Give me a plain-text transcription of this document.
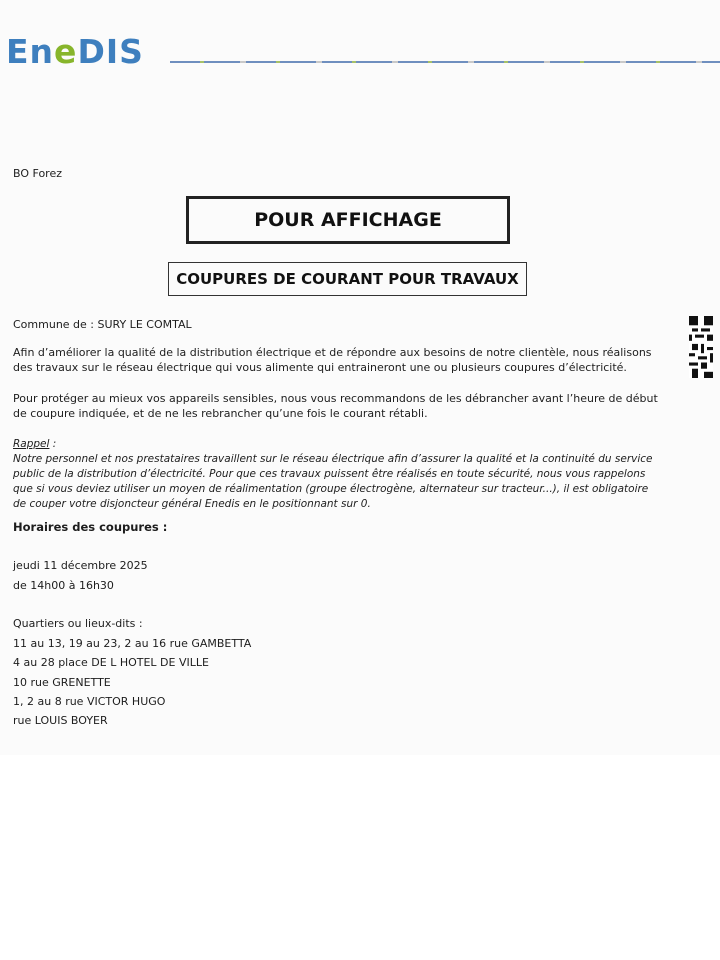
EneDIS
BO Forez
POUR AFFICHAGE
COUPURES DE COURANT POUR TRAVAUX
Commune de : SURY LE COMTAL
Afin d’améliorer la qualité de la distribution électrique et de répondre aux besoins de notre clientèle, nous réalisons des travaux sur le réseau électrique qui vous alimente qui entraineront une ou plusieurs coupures d’électricité.
Pour protéger au mieux vos appareils sensibles, nous vous recommandons de les débrancher avant l’heure de début de coupure indiquée, et de ne les rebrancher qu’une fois le courant rétabli.
Rappel :
Notre personnel et nos prestataires travaillent sur le réseau électrique afin d’assurer la qualité et la continuité du service public de la distribution d’électricité. Pour que ces travaux puissent être réalisés en toute sécurité, nous vous rappelons que si vous deviez utiliser un moyen de réalimentation (groupe électrogène, alternateur sur tracteur...), il est obligatoire de couper votre disjoncteur général Enedis en le positionnant sur 0.
Horaires des coupures :
jeudi 11 décembre 2025
de 14h00 à 16h30
Quartiers ou lieux-dits :
11 au 13, 19 au 23, 2 au 16 rue GAMBETTA
4 au 28 place DE L HOTEL DE VILLE
10 rue GRENETTE
1, 2 au 8 rue VICTOR HUGO
rue LOUIS BOYER
